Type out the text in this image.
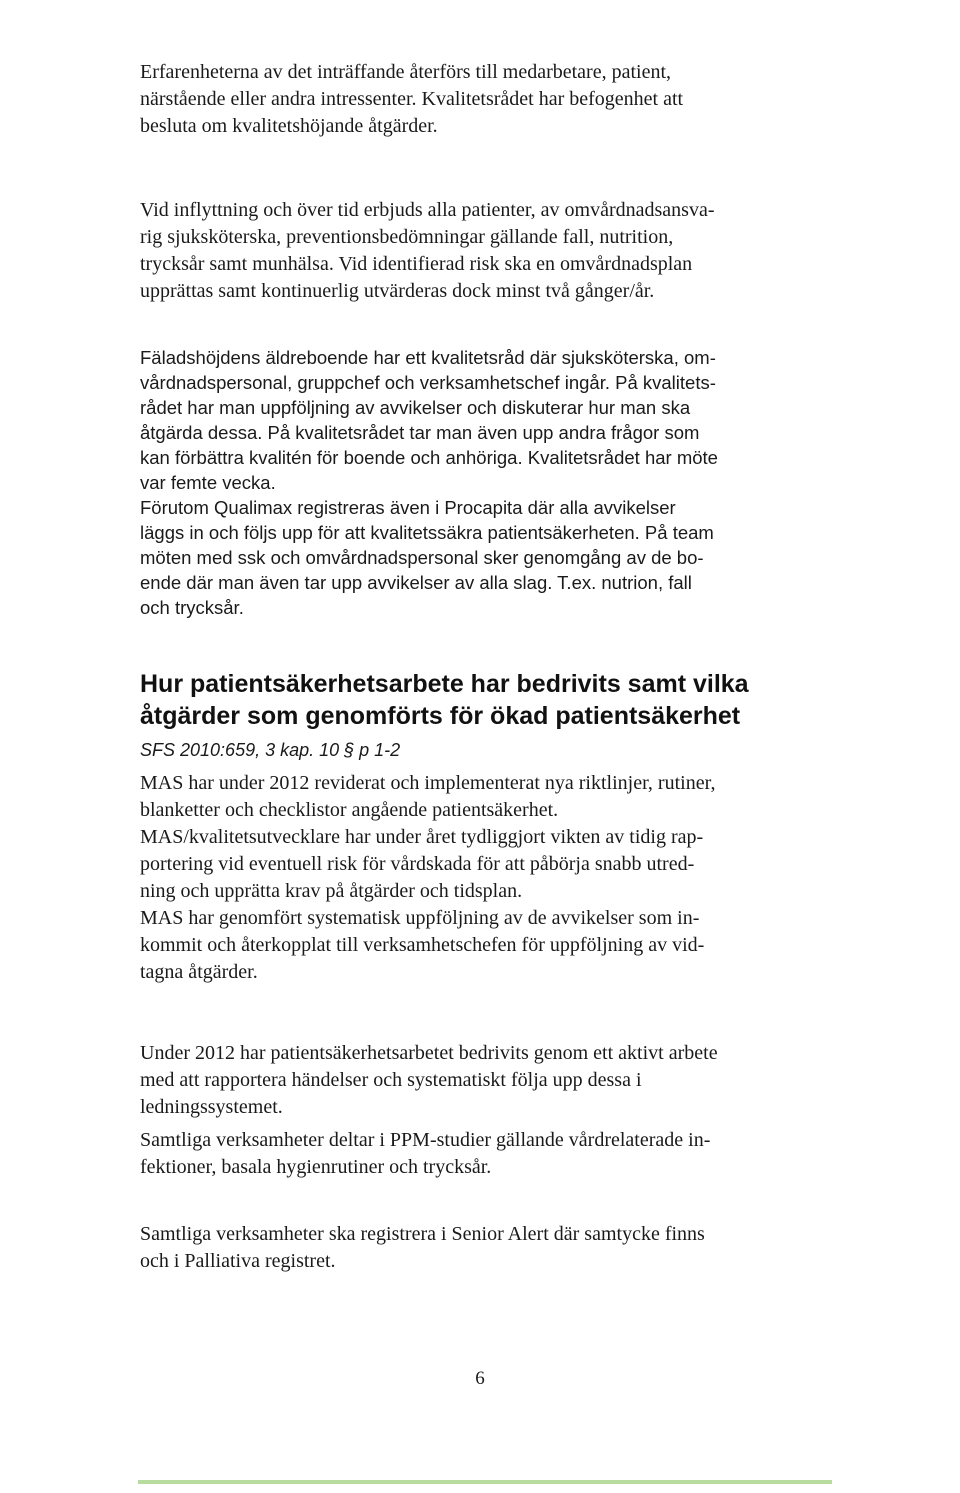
Erfarenheterna av det inträffande återförs till medarbetare, patient,

närstående eller andra intressenter. Kvalitetsrådet har befogenhet att

besluta om kvalitetshöjande åtgärder.

Vid inflyttning och över tid erbjuds alla patienter, av omvårdnadsansva-

rig sjuksköterska, preventionsbedömningar gällande fall, nutrition,

trycksår samt munhälsa. Vid identifierad risk ska en omvårdnadsplan

upprättas samt kontinuerlig utvärderas dock minst två gånger/år.

Fäladshöjdens äldreboende har ett kvalitetsråd där sjuksköterska, om-

vårdnadspersonal, gruppchef och verksamhetschef ingår. På kvalitets-

rådet har man uppföljning av avvikelser och diskuterar hur man ska

åtgärda dessa. På kvalitetsrådet tar man även upp andra frågor som

kan förbättra kvalitén för boende och anhöriga. Kvalitetsrådet har möte

var femte vecka.

Förutom Qualimax registreras även i Procapita där alla avvikelser

läggs in och följs upp för att kvalitetssäkra patientsäkerheten. På team

möten med ssk och omvårdnadspersonal sker genomgång av de bo-

ende där man även tar upp avvikelser av alla slag. T.ex. nutrion, fall

och trycksår.

Hur patientsäkerhetsarbete har bedrivits samt vilka
åtgärder som genomförts för ökad patientsäkerhet

SFS 2010:659, 3 kap. 10 § p 1-2

MAS har under 2012 reviderat och implementerat nya riktlinjer, rutiner,

blanketter och checklistor angående patientsäkerhet.

MAS/kvalitetsutvecklare har under året tydliggjort vikten av tidig rap-

portering vid eventuell risk för vårdskada för att påbörja snabb utred-

ning och upprätta krav på åtgärder och tidsplan.

MAS har genomfört systematisk uppföljning av de avvikelser som in-

kommit och återkopplat till verksamhetschefen för uppföljning av vid-

tagna åtgärder.

Under 2012 har patientsäkerhetsarbetet bedrivits genom ett aktivt arbete

med att rapportera händelser och systematiskt följa upp dessa i

ledningssystemet.

Samtliga verksamheter deltar i PPM-studier gällande vårdrelaterade in-

fektioner, basala hygienrutiner och trycksår.

Samtliga verksamheter ska registrera i Senior Alert där samtycke finns

och i Palliativa registret.

6
